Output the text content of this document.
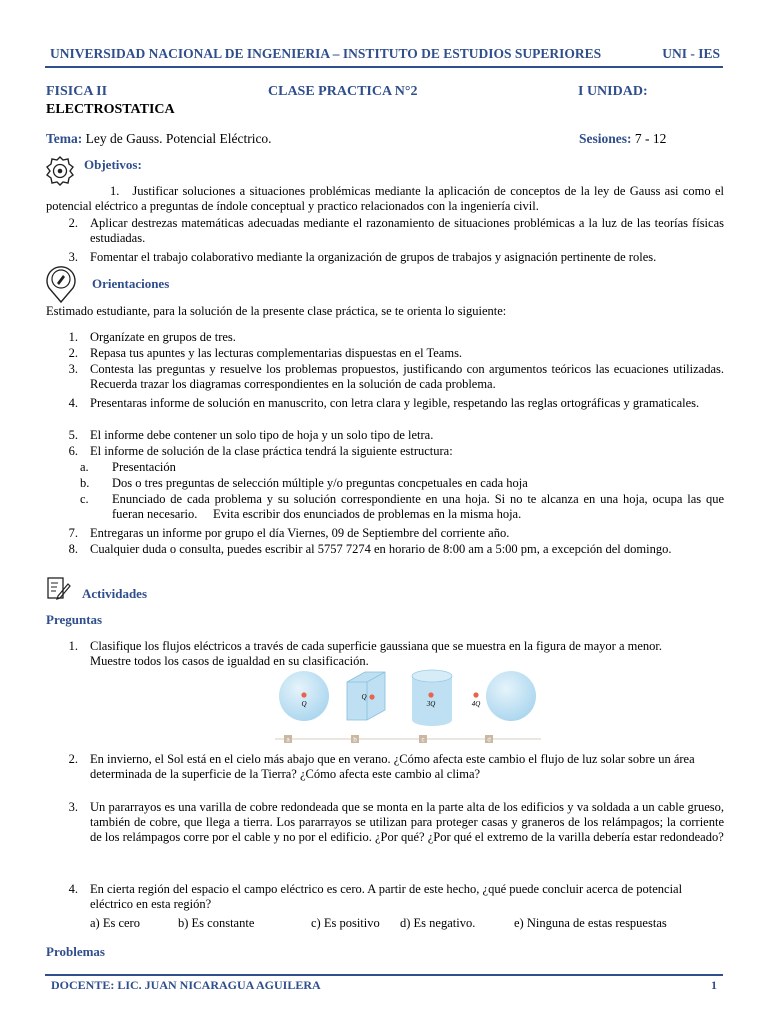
UNIVERSIDAD NACIONAL DE INGENIERIA – INSTITUTO DE ESTUDIOS SUPERIORES	UNI - IES
FISICA II	CLASE PRACTICA N°2	I UNIDAD:
ELECTROSTATICA
Tema: Ley de Gauss. Potencial Eléctrico.	Sesiones: 7 - 12
Objetivos:
1. Justificar soluciones a situaciones problémicas mediante la aplicación de conceptos de la ley de Gauss asi como el potencial eléctrico a preguntas de índole conceptual y practico relacionados con la ingeniería civil.
2. Aplicar destrezas matemáticas adecuadas mediante el razonamiento de situaciones problémicas a la luz de las teorías físicas estudiadas.
3. Fomentar el trabajo colaborativo mediante la organización de grupos de trabajos y asignación pertinente de roles.
Orientaciones
Estimado estudiante, para la solución de la presente clase práctica, se te orienta lo siguiente:
1. Organízate en grupos de tres.
2. Repasa tus apuntes y las lecturas complementarias dispuestas en el Teams.
3. Contesta las preguntas y resuelve los problemas propuestos, justificando con argumentos teóricos las ecuaciones utilizadas. Recuerda trazar los diagramas correspondientes en la solución de cada problema.
4. Presentaras informe de solución en manuscrito, con letra clara y legible, respetando las reglas ortográficas y gramaticales.
5. El informe debe contener un solo tipo de hoja y un solo tipo de letra.
6. El informe de solución de la clase práctica tendrá la siguiente estructura:
a.	Presentación
b.	Dos o tres preguntas de selección múltiple y/o preguntas concpetuales en cada hoja
c.	Enunciado de cada problema y su solución correspondiente en una hoja. Si no te alcanza en una hoja, ocupa las que fueran necesario.     Evita escribir dos enunciados de problemas en la misma hoja.
7. Entregaras un informe por grupo el día Viernes, 09 de Septiembre del corriente año.
8. Cualquier duda o consulta, puedes escribir al 5757 7274 en horario de 8:00 am a 5:00 pm, a excepción del domingo.
Actividades
Preguntas
1. Clasifique los flujos eléctricos a través de cada superficie gaussiana que se muestra en la figura de mayor a menor. Muestre todos los casos de igualdad en su clasificación.
Q
a
Q
b
3Q
c
4Q
d
2. En invierno, el Sol está en el cielo más abajo que en verano. ¿Cómo afecta este cambio el flujo de luz solar sobre un área determinada de la superficie de la Tierra? ¿Cómo afecta este cambio al clima?
3. Un pararrayos es una varilla de cobre redondeada que se monta en la parte alta de los edificios y va soldada a un cable grueso, también de cobre, que llega a tierra. Los pararrayos se utilizan para proteger casas y graneros de los relámpagos; la corriente de los relámpagos corre por el cable y no por el edificio. ¿Por qué? ¿Por qué el extremo de la varilla debería estar redondeado?
4. En cierta región del espacio el campo eléctrico es cero. A partir de este hecho, ¿qué puede concluir acerca de potencial eléctrico en esta región?
a) Es cero	b) Es constante	c) Es positivo d) Es negativo.	e) Ninguna de estas respuestas
Problemas
DOCENTE: LIC. JUAN NICARAGUA AGUILERA	1
